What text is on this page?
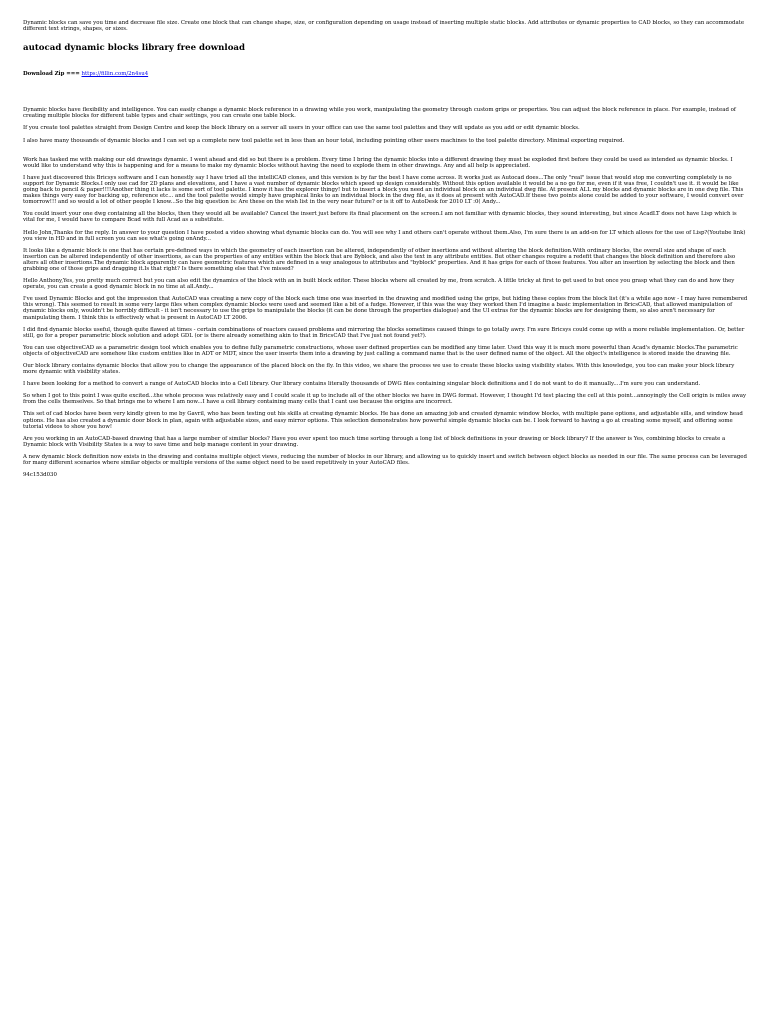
Dynamic blocks can save you time and decrease file size. Create one block that can change shape, size, or configuration depending on usage instead of inserting multiple static blocks. Add attributes or dynamic properties to CAD blocks, so they can accommodate different text strings, shapes, or sizes.

autocad dynamic blocks library free download
Download Zip === https://fillin.com/2n4su4

Dynamic blocks have flexibility and intelligence. You can easily change a dynamic block reference in a drawing while you work, manipulating the geometry through custom grips or properties. You can adjust the block reference in place. For example, instead of creating multiple blocks for different table types and chair settings, you can create one table block.

If you create tool palettes straight from Design Centre and keep the block library on a server all users in your office can use the same tool palettes and they will update as you add or edit dynamic blocks.

I also have many thousands of dynamic blocks and I can set up a complete new tool palette set in less than an hour total, including pointing other users machines to the tool palette directory. Minimal exporting required.

Work has tasked me with making our old drawings dynamic. I went ahead and did so but there is a problem. Every time I bring the dynamic blocks into a different drawing they must be exploded first before they could be used as intended as dynamic blocks. I would like to understand why this is happening and for a means to make my dynamic blocks without having the need to explode them in other drawings. Any and all help is appreciated.

I have just discovered this Bricsys software and I can honestly say I have tried all the intelliCAD clones, and this version is by far the best I have come across. It works just as Autocad does...The only "real" issue that would stop me converting completely is no support for Dynamic Blocks.I only use cad for 2D plans and elevations, and I have a vast number of dynamic blocks which speed up design considerably. Without this option available it would be a no go for me, even if it was free, I couldn't use it. it would be like going back to pencil & paper!!!!Another thing it lacks is some sort of tool palette. I know it has the explorer thingy! but to insert a block you need an individual block on an individual dwg file. At present ALL my blocks and dynamic blocks are in one dwg file. This makes things very easy for backing up, reference etc... and the tool palette would simply have graphical links to an individual block in the dwg file, as it does at present with AutoCAD.If these two points alone could be added to your software, I would convert over tomorrow!!! and so would a lot of other people I know...So the big question is: Are these on the wish list in the very near future? or is it off to AutoDesk for 2010 LT :0( Andy...

You could insert your one dwg containing all the blocks, then they would all be available? Cancel the insert just before its final placement on the screen.I am not familiar with dynamic blocks, they sound interesting, but since AcadLT does not have Lisp which is vital for me, I would have to compare Bcad with full Acad as a substitute.

Hello John,Thanks for the reply. In answer to your question I have posted a video showing what dynamic blocks can do. You will see why I and others can't operate without them.Also, I'm sure there is an add-on for LT which allows for the use of Lisp?(Youtube link) you view in HD and in full screen you can see what's going onAndy...

It looks like a dynamic block is one that has certain pre-defined ways in which the geometry of each insertion can be altered, independently of other insertions and without altering the block definition.With ordinary blocks, the overall size and shape of each insertion can be altered independently of other insertions, as can the properties of any entities within the block that are Byblock, and also the text in any attribute entities. But other changes require a redefit that changes the block definition and therefore also alters all other insertions.The dynamic block apparently can have geometric features which are defined in a way analogous to attributes and "byblock" properties. And it has grips for each of those features. You alter an insertion by selecting the block and then grabbing one of those grips and dragging it.Is that right? Is there something else that I've missed?

Hello Anthony,Yes, you pretty much correct but you can also edit the dynamics of the block with an in built block editor. These blocks where all created by me, from scratch. A little tricky at first to get used to but once you grasp what they can do and how they operate, you can create a good dynamic block in no time at all.Andy...

I've used Dynamic Blocks and got the impression that AutoCAD was creating a new copy of the block each time one was inserted in the drawing and modified using the grips, but hiding these copies from the block list (it's a while ago now - I may have remembered this wrong). This seemed to result in some very large files when complex dynamic blocks were used and seemed like a bit of a fudge. However, if this was the way they worked then I'd imagine a basic implementation in BricsCAD, that allowed manipulation of dynamic blocks only, wouldn't be horribly difficult - it isn't necessary to use the grips to manipulate the blocks (it can be done through the properties dialogue) and the UI extras for the dynamic blocks are for designing them, so also aren't necessary for manipulating them. I think this is effectively what is present in AutoCAD LT 2006.

I did find dynamic blocks useful, though quite flawed at times - certain combinations of reactors caused problems and mirroring the blocks sometimes caused things to go totally awry. I'm sure Bricsys could come up with a more reliable implementation. Or, better still, go for a proper parametric block solution and adopt GDL (or is there already something akin to that in BricsCAD that I've just not found yet?).

You can use objectiveCAD as a parametric design tool which enables you to define fully parametric constructions, whose user defined properties can be modified any time later. Used this way it is much more powerful than Acad's dynamic blocks.The parametric objects of objectiveCAD are somehow like custom entities like in ADT or MDT, since the user inserts them into a drawing by just calling a command name that is the user defined name of the object. All the object's intelligence is stored inside the drawing file.

Our block library contains dynamic blocks that allow you to change the appearance of the placed block on the fly. In this video, we share the process we use to create these blocks using visibility states. With this knowledge, you too can make your block library more dynamic with visibility states.

I have been looking for a method to convert a range of AutoCAD blocks into a Cell library. Our library contains literally thousands of DWG files containing singular block definitions and I do not want to do it manually....I'm sure you can understand.

So when I got to this point I was quite excited...the whole process was relatively easy and I could scale it up to include all of the other blocks we have in DWG format. However, I thought I'd test placing the cell at this point...annoyingly the Cell origin is miles away from the cells themselves. So that brings me to where I am now...I have a cell library containing many cells that I cant use because the origins are incorrect.

This set of cad blocks have been very kindly given to me by Gavril, who has been testing out his skills at creating dynamic blocks. He has done an amazing job and created dynamic window blocks, with multiple pane options, and adjustable sills, and window head options. He has also created a dynamic door block in plan, again with adjustable sizes, and easy mirror options. This selection demonstrates how powerful simple dynamic blocks can be. I look forward to having a go at creating some myself, and offering some tutorial videos to show you how!

Are you working in an AutoCAD-based drawing that has a large number of similar blocks? Have you ever spent too much time sorting through a long list of block definitions in your drawing or block library? If the answer is Yes, combining blocks to create a Dynamic block with Visibility States is a way to save time and help manage content in your drawing.

A new dynamic block definition now exists in the drawing and contains multiple object views, reducing the number of blocks in our library, and allowing us to quickly insert and switch between object blocks as needed in our file. The same process can be leveraged for many different scenarios where similar objects or multiple versions of the same object need to be used repetitively in your AutoCAD files.

94c153d030
